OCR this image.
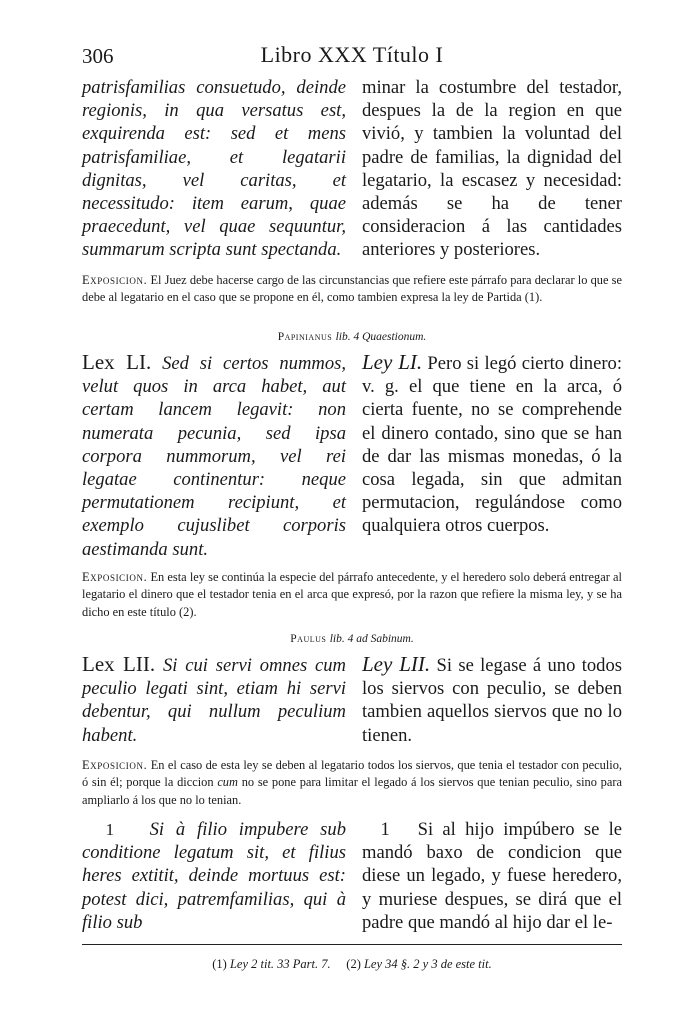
306	Libro XXX Título I

patrisfamilias consuetudo, deinde regionis, in qua versatus est, exquirenda est: sed et mens patrisfamiliae, et legatarii dignitas, vel caritas, et necessitudo: item earum, quae praecedunt, vel quae sequuntur, summarum scripta sunt spectanda.

minar la costumbre del testador, despues la de la region en que vivió, y tambien la voluntad del padre de familias, la dignidad del legatario, la escasez y necesidad: además se ha de tener consideracion á las cantidades anteriores y posteriores.

Exposicion. El Juez debe hacerse cargo de las circunstancias que refiere este párrafo para declarar lo que se debe al legatario en el caso que se propone en él, como tambien expresa la ley de Partida (1).

Papinianus lib. 4 Quaestionum.

Lex LI. Sed si certos nummos, velut quos in arca habet, aut certam lancem legavit: non numerata pecunia, sed ipsa corpora nummorum, vel rei legatae continentur: neque permutationem recipiunt, et exemplo cujuslibet corporis aestimanda sunt.

Ley LI. Pero si legó cierto dinero: v. g. el que tiene en la arca, ó cierta fuente, no se comprehende el dinero contado, sino que se han de dar las mismas monedas, ó la cosa legada, sin que admitan permutacion, regulándose como qualquiera otros cuerpos.

Exposicion. En esta ley se continúa la especie del párrafo antecedente, y el heredero solo deberá entregar al legatario el dinero que el testador tenia en el arca que expresó, por la razon que refiere la misma ley, y se ha dicho en este título (2).

Paulus lib. 4 ad Sabinum.

Lex LII. Si cui servi omnes cum peculio legati sint, etiam hi servi debentur, qui nullum peculium habent.

Ley LII. Si se legase á uno todos los siervos con peculio, se deben tambien aquellos siervos que no lo tienen.

Exposicion. En el caso de esta ley se deben al legatario todos los siervos, que tenia el testador con peculio, ó sin él; porque la diccion cum no se pone para limitar el legado á los siervos que tenian peculio, sino para ampliarlo á los que no lo tenian.

1 Si à filio impubere sub conditione legatum sit, et filius heres extitit, deinde mortuus est: potest dici, patremfamilias, qui à filio sub

1 Si al hijo impúbero se le mandó baxo de condicion que diese un legado, y fuese heredero, y muriese despues, se dirá que el padre que mandó al hijo dar el le-

(1) Ley 2 tit. 33 Part. 7. (2) Ley 34 §. 2 y 3 de este tit.
